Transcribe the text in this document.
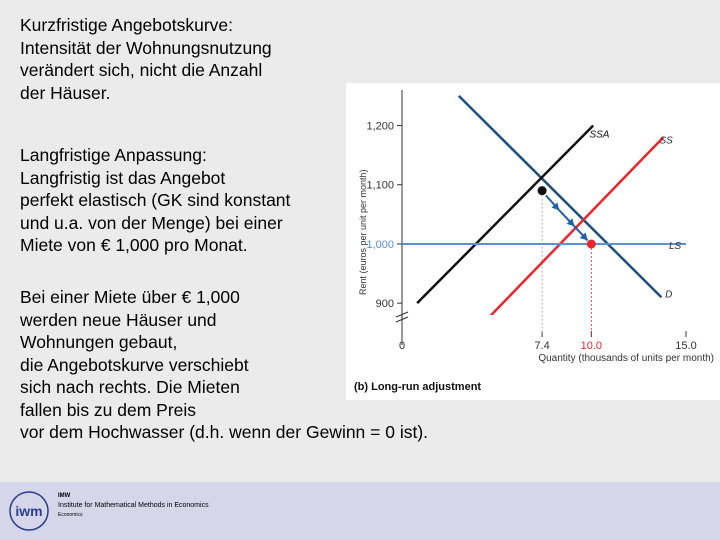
Kurzfristige Angebotskurve:
Intensität der Wohnungsnutzung
verändert sich, nicht die Anzahl
der Häuser.
Langfristige Anpassung:
Langfristig ist das Angebot
perfekt elastisch (GK sind konstant
und u.a. von der Menge) bei einer
Miete von € 1,000 pro Monat.
Bei einer Miete über € 1,000
werden neue Häuser und
Wohnungen gebaut,
die Angebotskurve verschiebt
sich nach rechts. Die Mieten
fallen bis zu dem Preis
vor dem Hochwasser (d.h. wenn der Gewinn = 0 ist).
900
1,000
1,100
1,200
0	7.4	10.0	15.0
Rent (euros per unit per month)
Quantity (thousands of units per month)
SSA
SS
LS
D
(b) Long-run adjustment
iwm
IMW
Institute for Mathematical Methods in Economics
Economics
